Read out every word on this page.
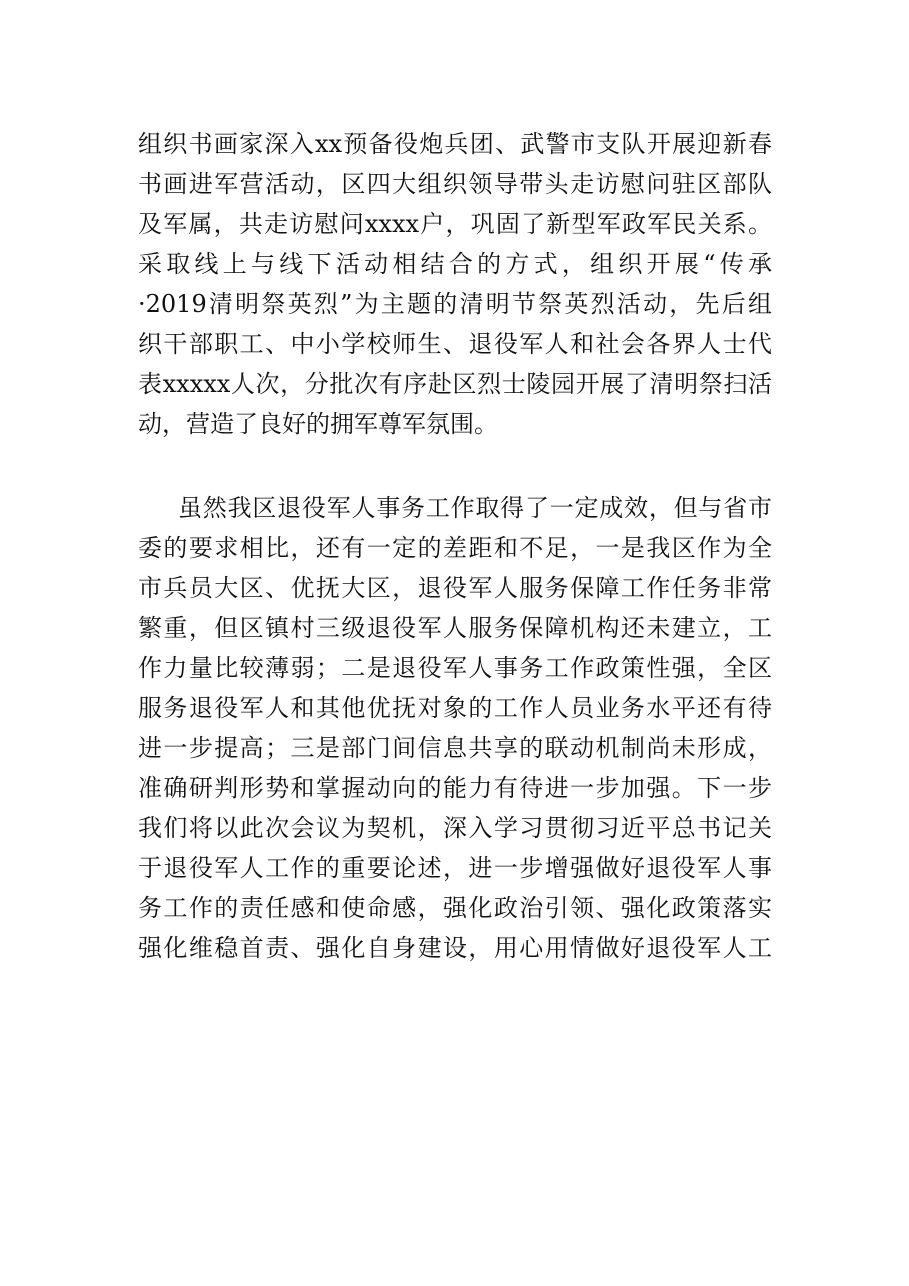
组织书画家深入xx预备役炮兵团、武警市支队开展迎新春
书画进军营活动，区四大组织领导带头走访慰问驻区部队
及军属，共走访慰问xxxx户，巩固了新型军政军民关系。
采取线上与线下活动相结合的方式，组织开展“传承
·2019清明祭英烈”为主题的清明节祭英烈活动，先后组
织干部职工、中小学校师生、退役军人和社会各界人士代
表xxxxx人次，分批次有序赴区烈士陵园开展了清明祭扫活
动，营造了良好的拥军尊军氛围。
虽然我区退役军人事务工作取得了一定成效，但与省市
委的要求相比，还有一定的差距和不足，一是我区作为全
市兵员大区、优抚大区，退役军人服务保障工作任务非常
繁重，但区镇村三级退役军人服务保障机构还未建立，工
作力量比较薄弱；二是退役军人事务工作政策性强，全区
服务退役军人和其他优抚对象的工作人员业务水平还有待
进一步提高；三是部门间信息共享的联动机制尚未形成，
准确研判形势和掌握动向的能力有待进一步加强。下一步
我们将以此次会议为契机，深入学习贯彻习近平总书记关
于退役军人工作的重要论述，进一步增强做好退役军人事
务工作的责任感和使命感，强化政治引领、强化政策落实
强化维稳首责、强化自身建设，用心用情做好退役军人工
